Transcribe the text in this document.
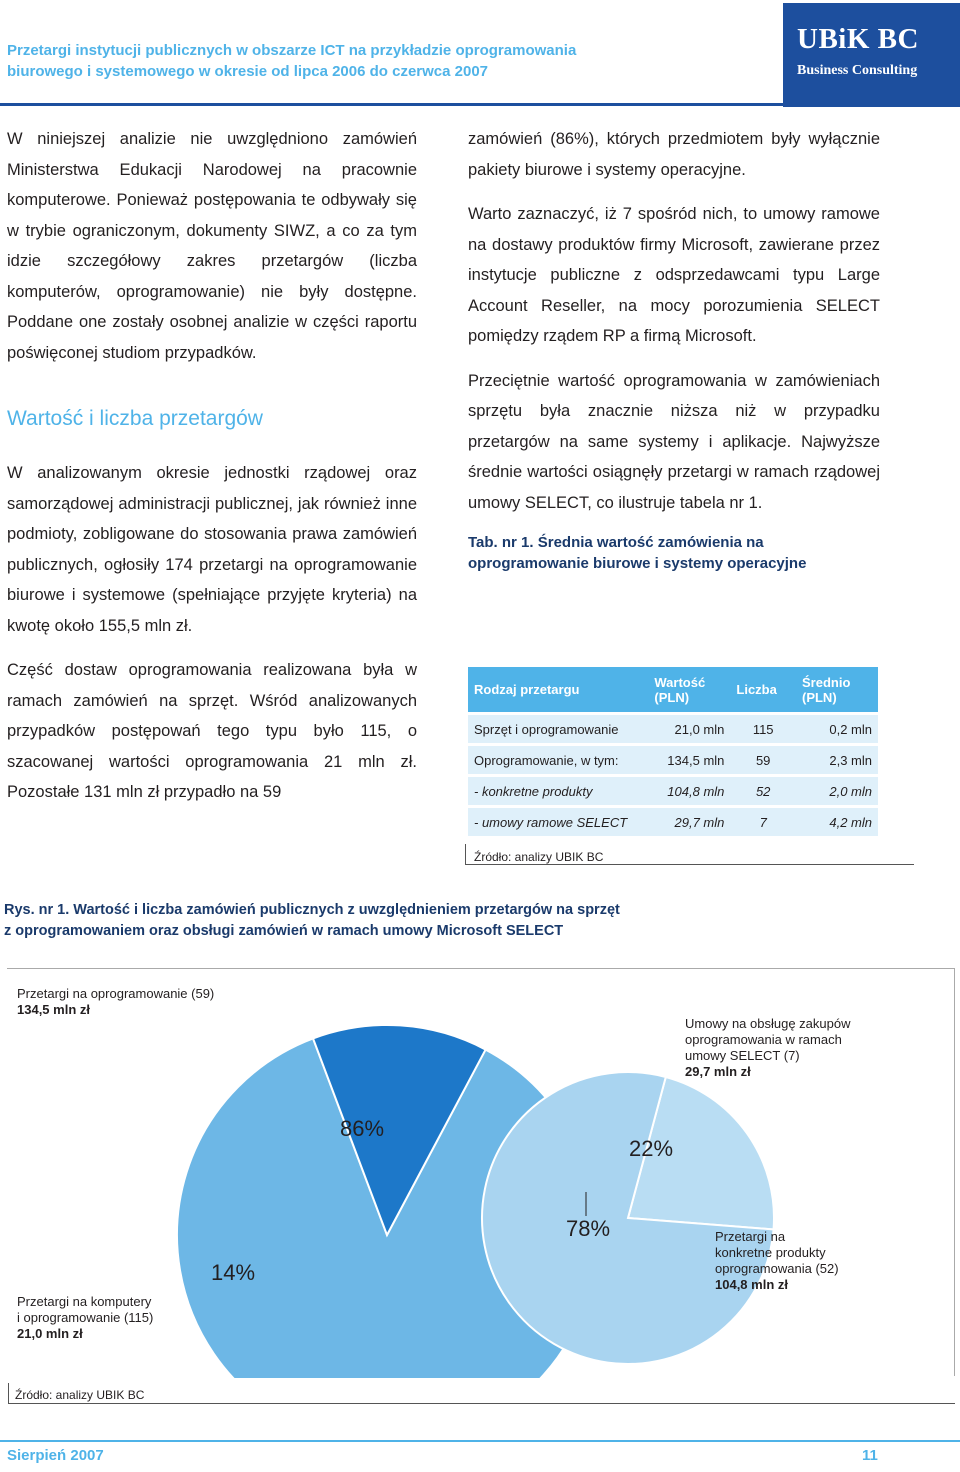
Przetargi instytucji publicznych w obszarze ICT na przykładzie oprogramowania
biurowego i systemowego w okresie od lipca 2006 do czerwca 2007
UBiK BC
Business Consulting

W niniejszej analizie nie uwzględniono zamówień Ministerstwa Edukacji Narodowej na pracownie komputerowe. Ponieważ postępowania te odbywały się w trybie ograniczonym, dokumenty SIWZ, a co za tym idzie szczegółowy zakres przetargów (liczba komputerów, oprogramowanie) nie były dostępne. Poddane one zostały osobnej analizie w części raportu poświęconej studiom przypadków.

Wartość i liczba przetargów

W analizowanym okresie jednostki rządowej oraz samorządowej administracji publicznej, jak również inne podmioty, zobligowane do stosowania prawa zamówień publicznych, ogłosiły 174 przetargi na oprogramowanie biurowe i systemowe (spełniające przyjęte kryteria) na kwotę około 155,5 mln zł.

Część dostaw oprogramowania realizowana była w ramach zamówień na sprzęt. Wśród analizowanych przypadków postępowań tego typu było 115, o szacowanej wartości oprogramowania 21 mln zł. Pozostałe 131 mln zł przypadło na 59

zamówień (86%), których przedmiotem były wyłącznie pakiety biurowe i systemy operacyjne.

Warto zaznaczyć, iż 7 spośród nich, to umowy ramowe na dostawy produktów firmy Microsoft, zawierane przez instytucje publiczne z odsprzedawcami typu Large Account Reseller, na mocy porozumienia SELECT pomiędzy rządem RP a firmą Microsoft.

Przeciętnie wartość oprogramowania w zamówieniach sprzętu była znacznie niższa niż w przypadku przetargów na same systemy i aplikacje. Najwyższe średnie wartości osiągnęły przetargi w ramach rządowej umowy SELECT, co ilustruje tabela nr 1.

Tab. nr 1. Średnia wartość zamówienia na
oprogramowanie biurowe i systemy operacyjne
Rodzaj przetargu	Wartość (PLN)	Liczba	Średnio (PLN)
Sprzęt i oprogramowanie	21,0 mln	115	0,2 mln
Oprogramowanie, w tym:	134,5 mln	59	2,3 mln
- konkretne produkty	104,8 mln	52	2,0 mln
- umowy ramowe SELECT	29,7 mln	7	4,2 mln
Źródło: analizy UBIK BC
Rys. nr 1. Wartość i liczba zamówień publicznych z uwzględnieniem przetargów na sprzęt
z oprogramowaniem oraz obsługi zamówień w ramach umowy Microsoft SELECT
86%
14%
22%
78%
Przetargi na oprogramowanie (59)
134,5 mln zł
Umowy na obsługę zakupów
oprogramowania w ramach
umowy SELECT (7)
29,7 mln zł
Przetargi na komputery
i oprogramowanie (115)
21,0 mln zł
Przetargi na
konkretne produkty
oprogramowania (52)
104,8 mln zł
Źródło: analizy UBIK BC
Sierpień 2007	11
